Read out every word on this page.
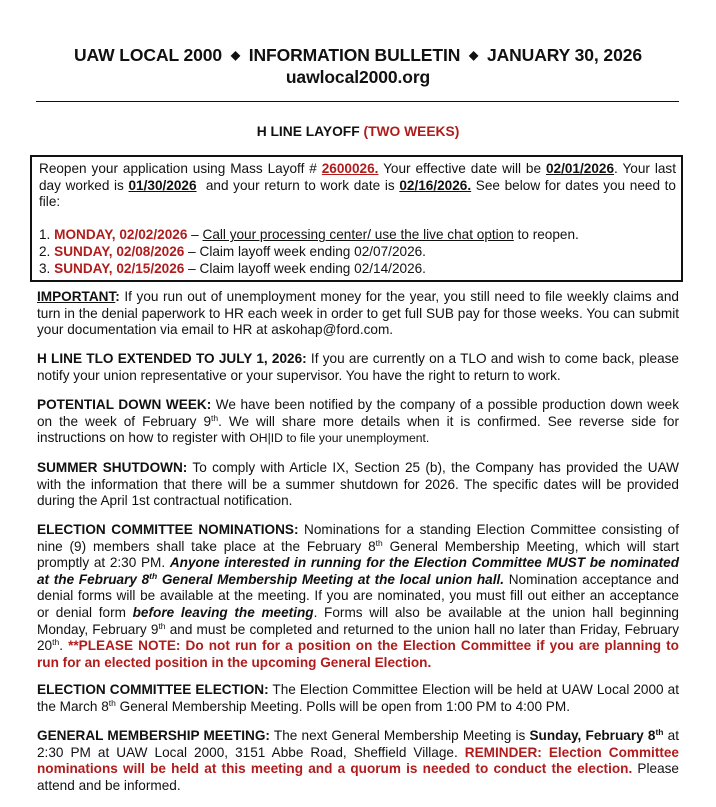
UAW LOCAL 2000 ◆ INFORMATION BULLETIN ◆ JANUARY 30, 2026
uawlocal2000.org
H LINE LAYOFF (TWO WEEKS)

Reopen your application using Mass Layoff # 2600026. Your effective date will be 02/01/2026. Your last day worked is 01/30/2026  and your return to work date is 02/16/2026. See below for dates you need to file:

1. MONDAY, 02/02/2026 – Call your processing center/ use the live chat option to reopen.

2. SUNDAY, 02/08/2026 – Claim layoff week ending 02/07/2026.

3. SUNDAY, 02/15/2026 – Claim layoff week ending 02/14/2026.

IMPORTANT: If you run out of unemployment money for the year, you still need to file weekly claims and turn in the denial paperwork to HR each week in order to get full SUB pay for those weeks. You can submit your documentation via email to HR at askohap@ford.com.

H LINE TLO EXTENDED TO JULY 1, 2026: If you are currently on a TLO and wish to come back, please notify your union representative or your supervisor. You have the right to return to work.

POTENTIAL DOWN WEEK: We have been notified by the company of a possible production down week on the week of February 9th. We will share more details when it is confirmed. See reverse side for instructions on how to register with OH|ID to file your unemployment.

SUMMER SHUTDOWN: To comply with Article IX, Section 25 (b), the Company has provided the UAW with the information that there will be a summer shutdown for 2026. The specific dates will be provided during the April 1st contractual notification.

ELECTION COMMITTEE NOMINATIONS: Nominations for a standing Election Committee consisting of nine (9) members shall take place at the February 8th General Membership Meeting, which will start promptly at 2:30 PM. Anyone interested in running for the Election Committee MUST be nominated at the February 8th General Membership Meeting at the local union hall. Nomination acceptance and denial forms will be available at the meeting. If you are nominated, you must fill out either an acceptance or denial form before leaving the meeting. Forms will also be available at the union hall beginning Monday, February 9th and must be completed and returned to the union hall no later than Friday, February 20th. **PLEASE NOTE: Do not run for a position on the Election Committee if you are planning to run for an elected position in the upcoming General Election.

ELECTION COMMITTEE ELECTION: The Election Committee Election will be held at UAW Local 2000 at the March 8th General Membership Meeting. Polls will be open from 1:00 PM to 4:00 PM.

GENERAL MEMBERSHIP MEETING: The next General Membership Meeting is Sunday, February 8th at 2:30 PM at UAW Local 2000, 3151 Abbe Road, Sheffield Village. REMINDER: Election Committee nominations will be held at this meeting and a quorum is needed to conduct the election. Please attend and be informed.
